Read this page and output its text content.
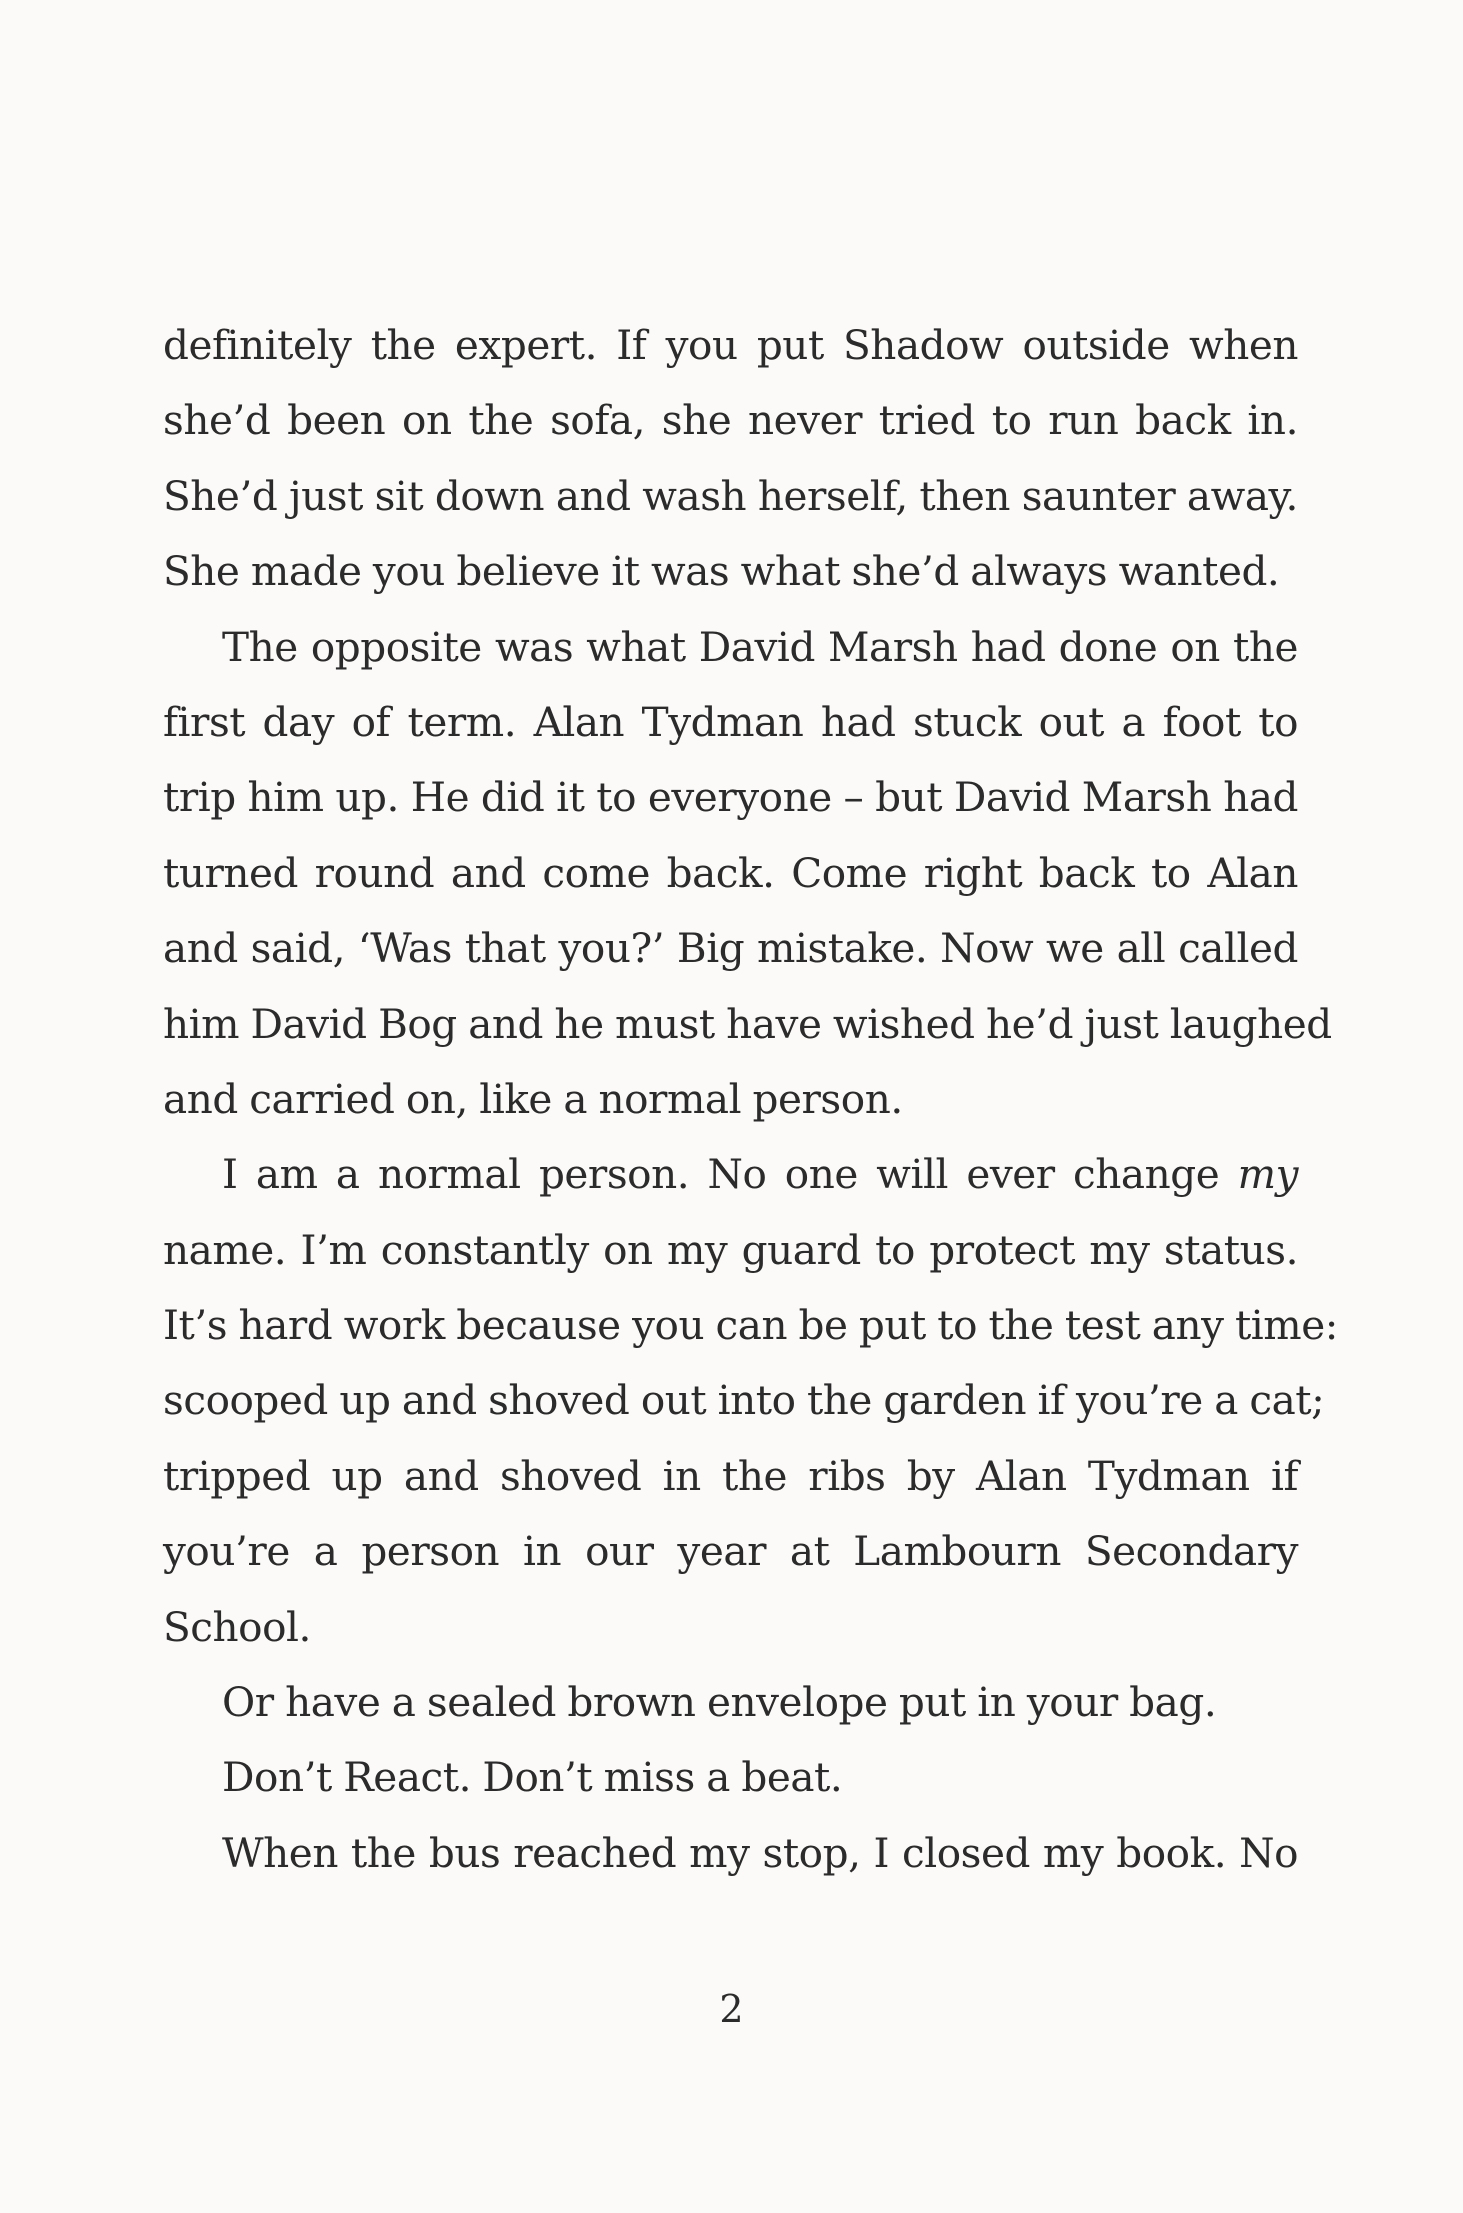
definitely the expert. If you put Shadow outside when
she’d been on the sofa, she never tried to run back in.
She’d just sit down and wash herself, then saunter away.
She made you believe it was what she’d always wanted.
The opposite was what David Marsh had done on the
first day of term. Alan Tydman had stuck out a foot to
trip him up. He did it to everyone – but David Marsh had
turned round and come back. Come right back to Alan
and said, ‘Was that you?’ Big mistake. Now we all called
him David Bog and he must have wished he’d just laughed
and carried on, like a normal person.
I am a normal person. No one will ever change my
name. I’m constantly on my guard to protect my status.
It’s hard work because you can be put to the test any time:
scooped up and shoved out into the garden if you’re a cat;
tripped up and shoved in the ribs by Alan Tydman if
you’re a person in our year at Lambourn Secondary
School.
Or have a sealed brown envelope put in your bag.
Don’t React. Don’t miss a beat.
When the bus reached my stop, I closed my book. No
2
